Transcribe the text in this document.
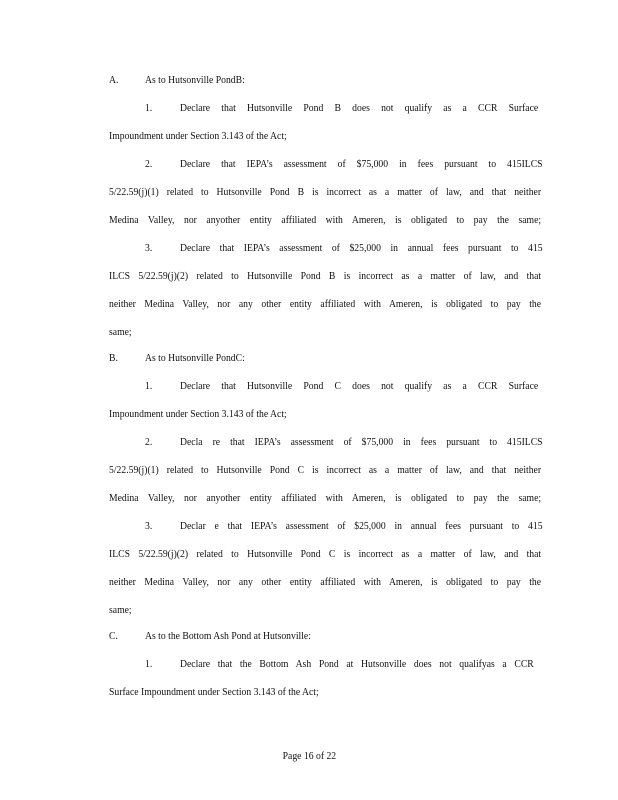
A. As to Hutsonville PondB:
1.	Declare that Hutsonville Pond B does not qualify as a CCR Surface
Impoundment under Section 3.143 of the Act;
2.	Declare that IEPA’s assessment of $75,000 in fees pursuant to 415ILCS
5/22.59(j)(1) related to Hutsonville Pond B is incorrect as a matter of law, and that neither
Medina Valley, nor anyother entity affiliated with Ameren, is obligated to pay the same;
3.	Declare that IEPA’s assessment of $25,000 in annual fees pursuant to 415
ILCS 5/22.59(j)(2) related to Hutsonville Pond B is incorrect as a matter of law, and that
neither Medina Valley, nor any other entity affiliated with Ameren, is obligated to pay the
same;
B. As to Hutsonville PondC:
1.	Declare that Hutsonville Pond C does not qualify as a CCR Surface
Impoundment under Section 3.143 of the Act;
2.	Decla re that IEPA’s assessment of $75,000 in fees pursuant to 415ILCS
5/22.59(j)(1) related to Hutsonville Pond C is incorrect as a matter of law, and that neither
Medina Valley, nor anyother entity affiliated with Ameren, is obligated to pay the same;
3.	Declar e that IEPA’s assessment of $25,000 in annual fees pursuant to 415
ILCS 5/22.59(j)(2) related to Hutsonville Pond C is incorrect as a matter of law, and that
neither Medina Valley, nor any other entity affiliated with Ameren, is obligated to pay the
same;
C. As to the Bottom Ash Pond at Hutsonville:
1.	Declare that the Bottom Ash Pond at Hutsonville does not qualifyas a CCR
Surface Impoundment under Section 3.143 of the Act;
Page 16 of 22
